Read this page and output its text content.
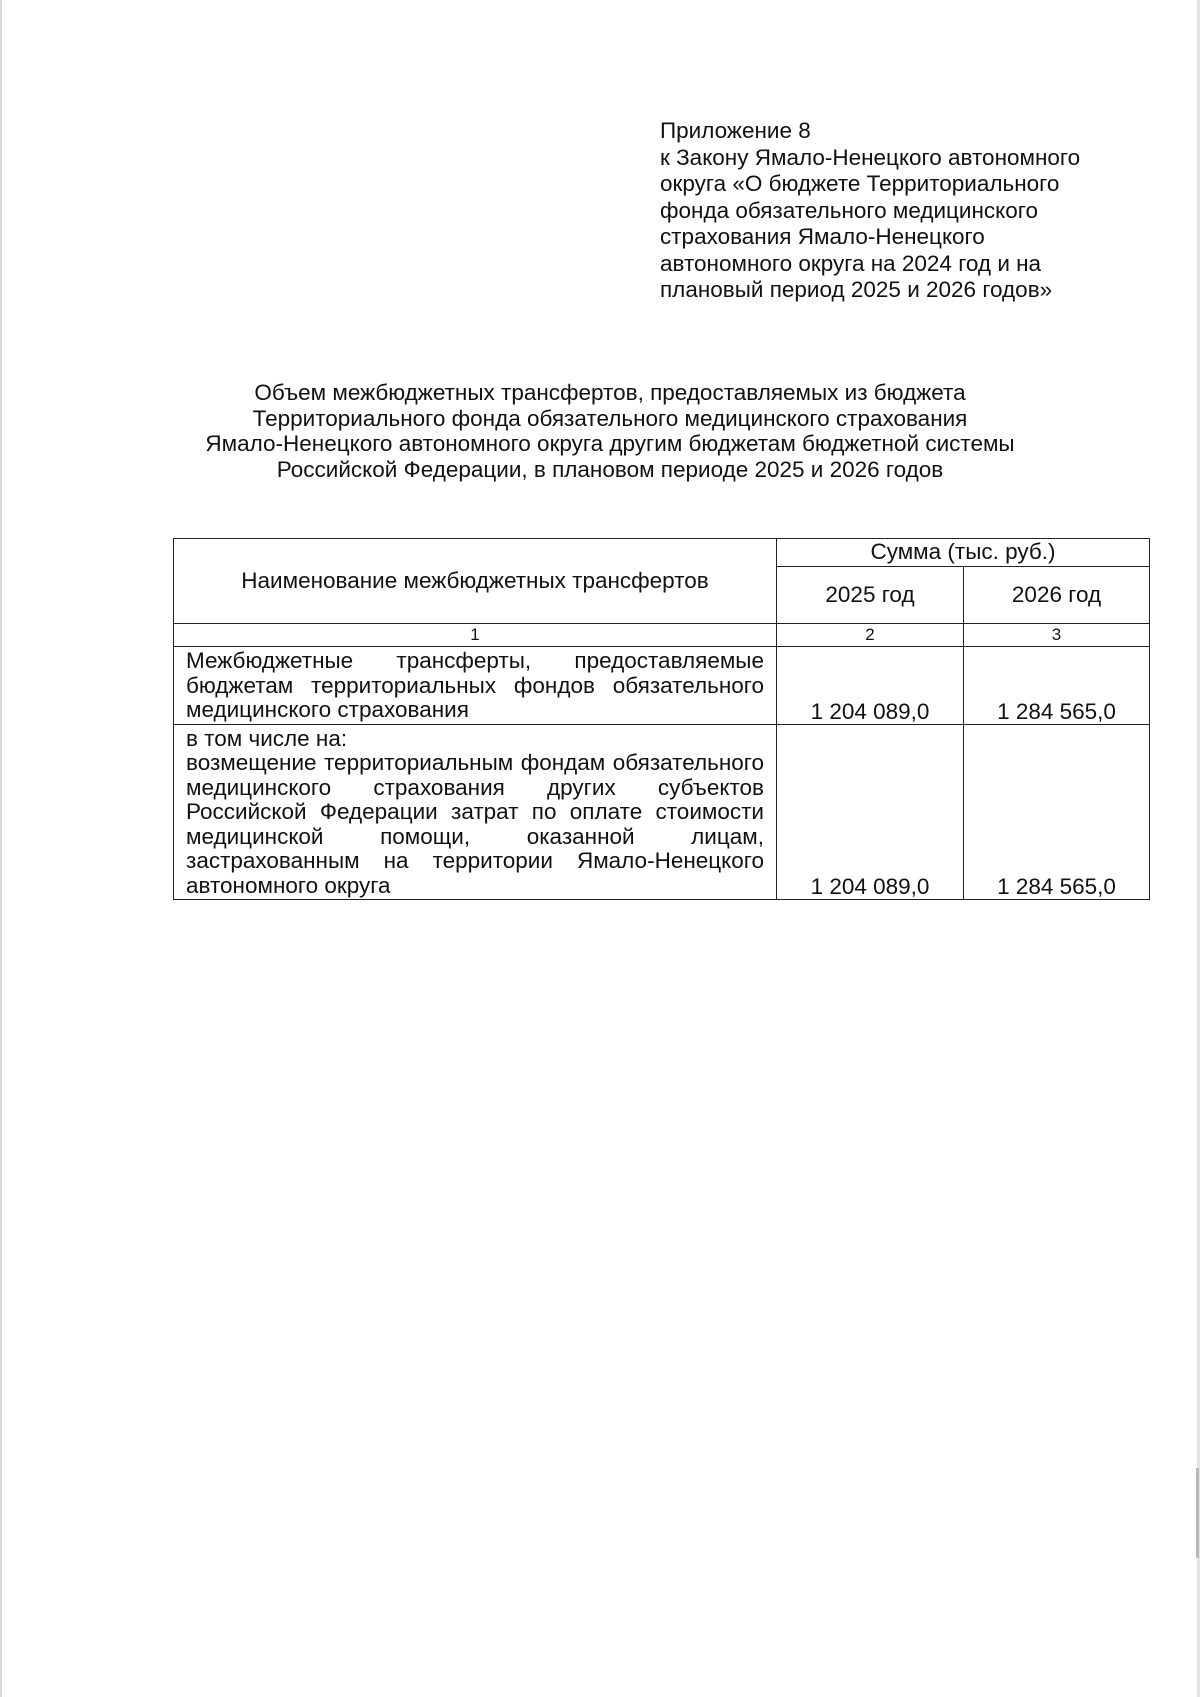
Приложение 8
к Закону Ямало-Ненецкого автономного
округа «О бюджете Территориального
фонда обязательного медицинского
страхования Ямало-Ненецкого
автономного округа на 2024 год и на
плановый период 2025 и 2026 годов»
Объем межбюджетных трансфертов, предоставляемых из бюджета
Территориального фонда обязательного медицинского страхования
Ямало-Ненецкого автономного округа другим бюджетам бюджетной системы
Российской Федерации, в плановом периоде 2025 и 2026 годов
Наименование межбюджетных трансфертов	Сумма (тыс. руб.)	
	2025 год	2026 год
1	2	3
Межбюджетные трансферты, предоставляемые бюджетам территориальных фондов обязательного медицинского страхования	1 204 089,0	1 284 565,0

в том числе на:
возмещение территориальным фондам обязательного медицинского страхования других субъектов Российской Федерации затрат по оплате стоимости медицинской помощи, оказанной лицам, застрахованным на территории Ямало-Ненецкого автономного округа	1 204 089,0	1 284 565,0
